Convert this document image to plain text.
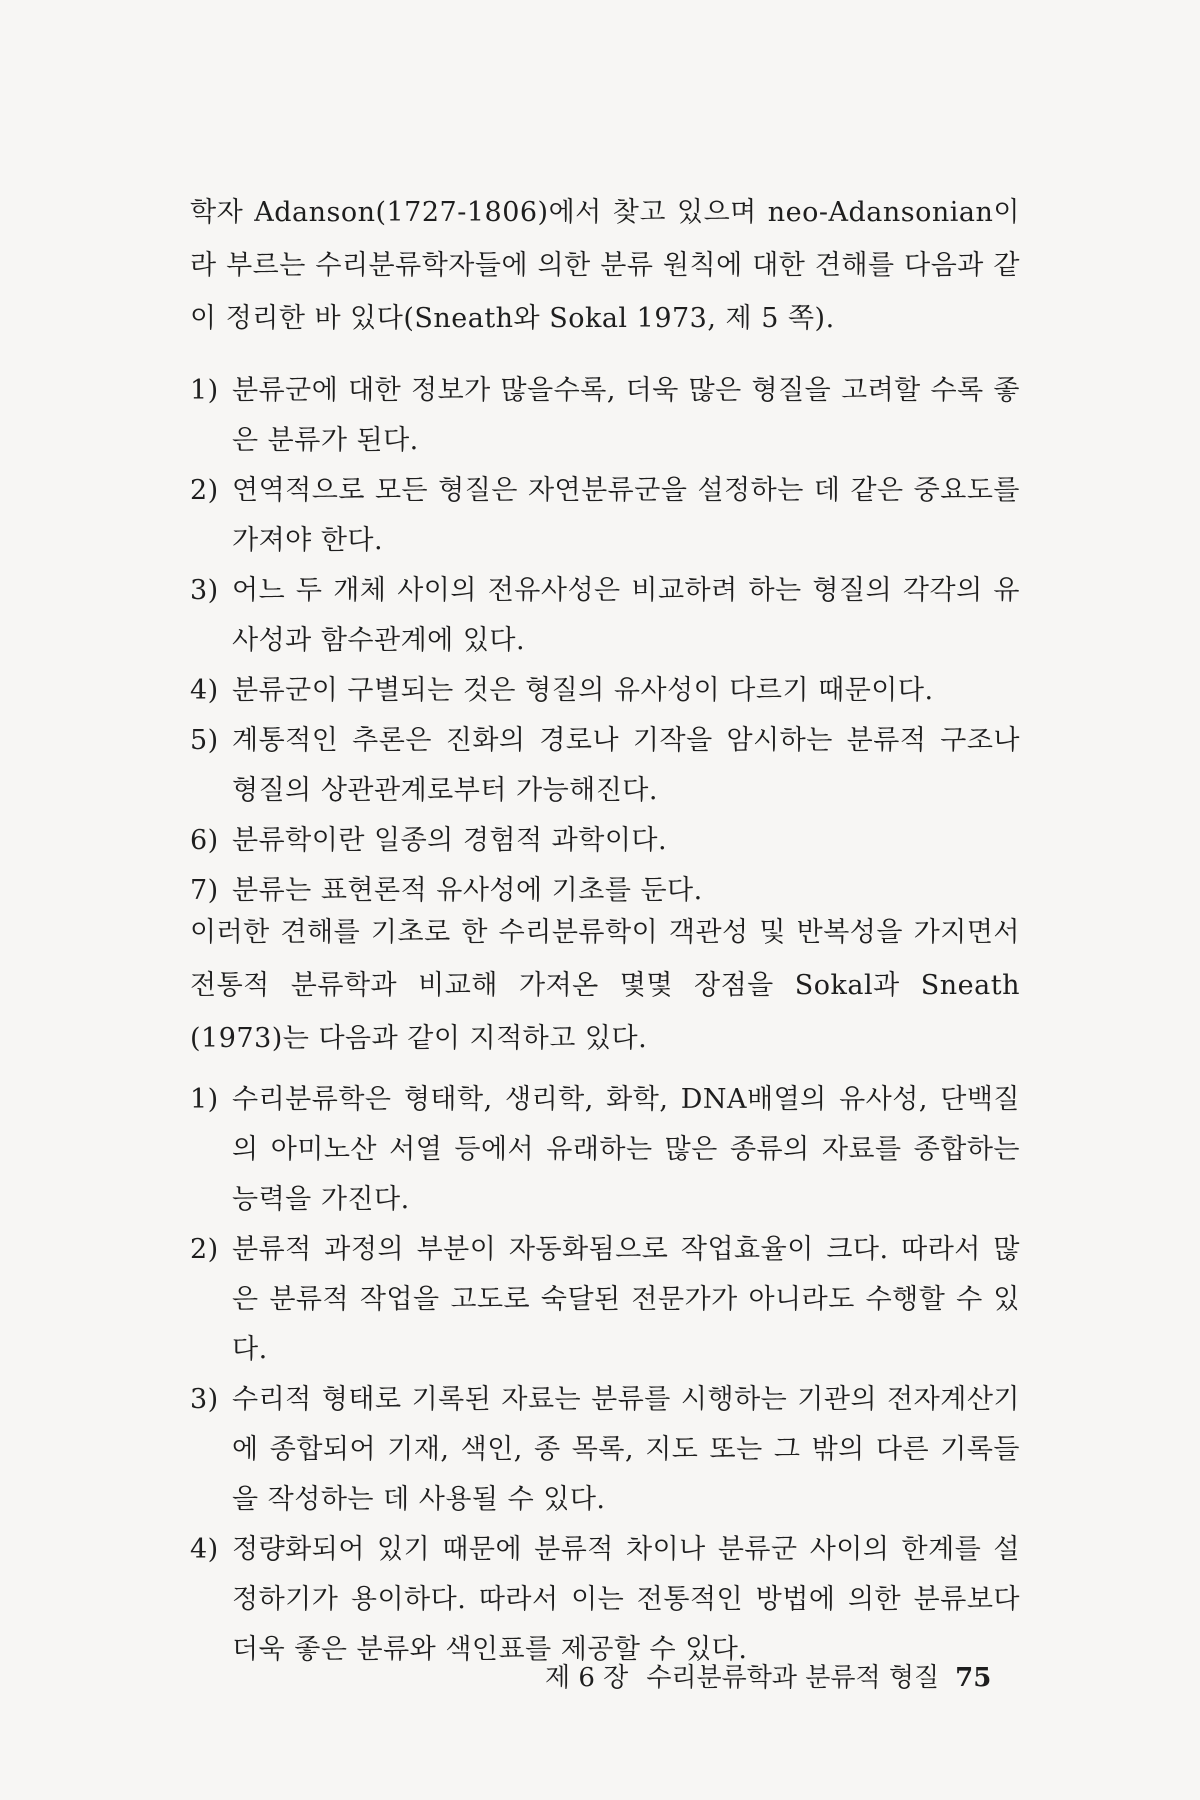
학자 Adanson(1727-1806)에서 찾고 있으며 neo-Adansonian이라 부르는 수리분류학자들에 의한 분류 원칙에 대한 견해를 다음과 같이 정리한 바 있다(Sneath와 Sokal 1973, 제 5 쪽).

1) 분류군에 대한 정보가 많을수록, 더욱 많은 형질을 고려할 수록 좋은 분류가 된다.
2) 연역적으로 모든 형질은 자연분류군을 설정하는 데 같은 중요도를 가져야 한다.
3) 어느 두 개체 사이의 전유사성은 비교하려 하는 형질의 각각의 유사성과 함수관계에 있다.
4) 분류군이 구별되는 것은 형질의 유사성이 다르기 때문이다.
5) 계통적인 추론은 진화의 경로나 기작을 암시하는 분류적 구조나 형질의 상관관계로부터 가능해진다.
6) 분류학이란 일종의 경험적 과학이다.
7) 분류는 표현론적 유사성에 기초를 둔다.

이러한 견해를 기초로 한 수리분류학이 객관성 및 반복성을 가지면서 전통적 분류학과 비교해 가져온 몇몇 장점을 Sokal과 Sneath (1973)는 다음과 같이 지적하고 있다.

1) 수리분류학은 형태학, 생리학, 화학, DNA배열의 유사성, 단백질의 아미노산 서열 등에서 유래하는 많은 종류의 자료를 종합하는 능력을 가진다.
2) 분류적 과정의 부분이 자동화됨으로 작업효율이 크다. 따라서 많은 분류적 작업을 고도로 숙달된 전문가가 아니라도 수행할 수 있다.
3) 수리적 형태로 기록된 자료는 분류를 시행하는 기관의 전자계산기에 종합되어 기재, 색인, 종 목록, 지도 또는 그 밖의 다른 기록들을 작성하는 데 사용될 수 있다.
4) 정량화되어 있기 때문에 분류적 차이나 분류군 사이의 한계를 설정하기가 용이하다. 따라서 이는 전통적인 방법에 의한 분류보다 더욱 좋은 분류와 색인표를 제공할 수 있다.
제 6 장 수리분류학과 분류적 형질 75
